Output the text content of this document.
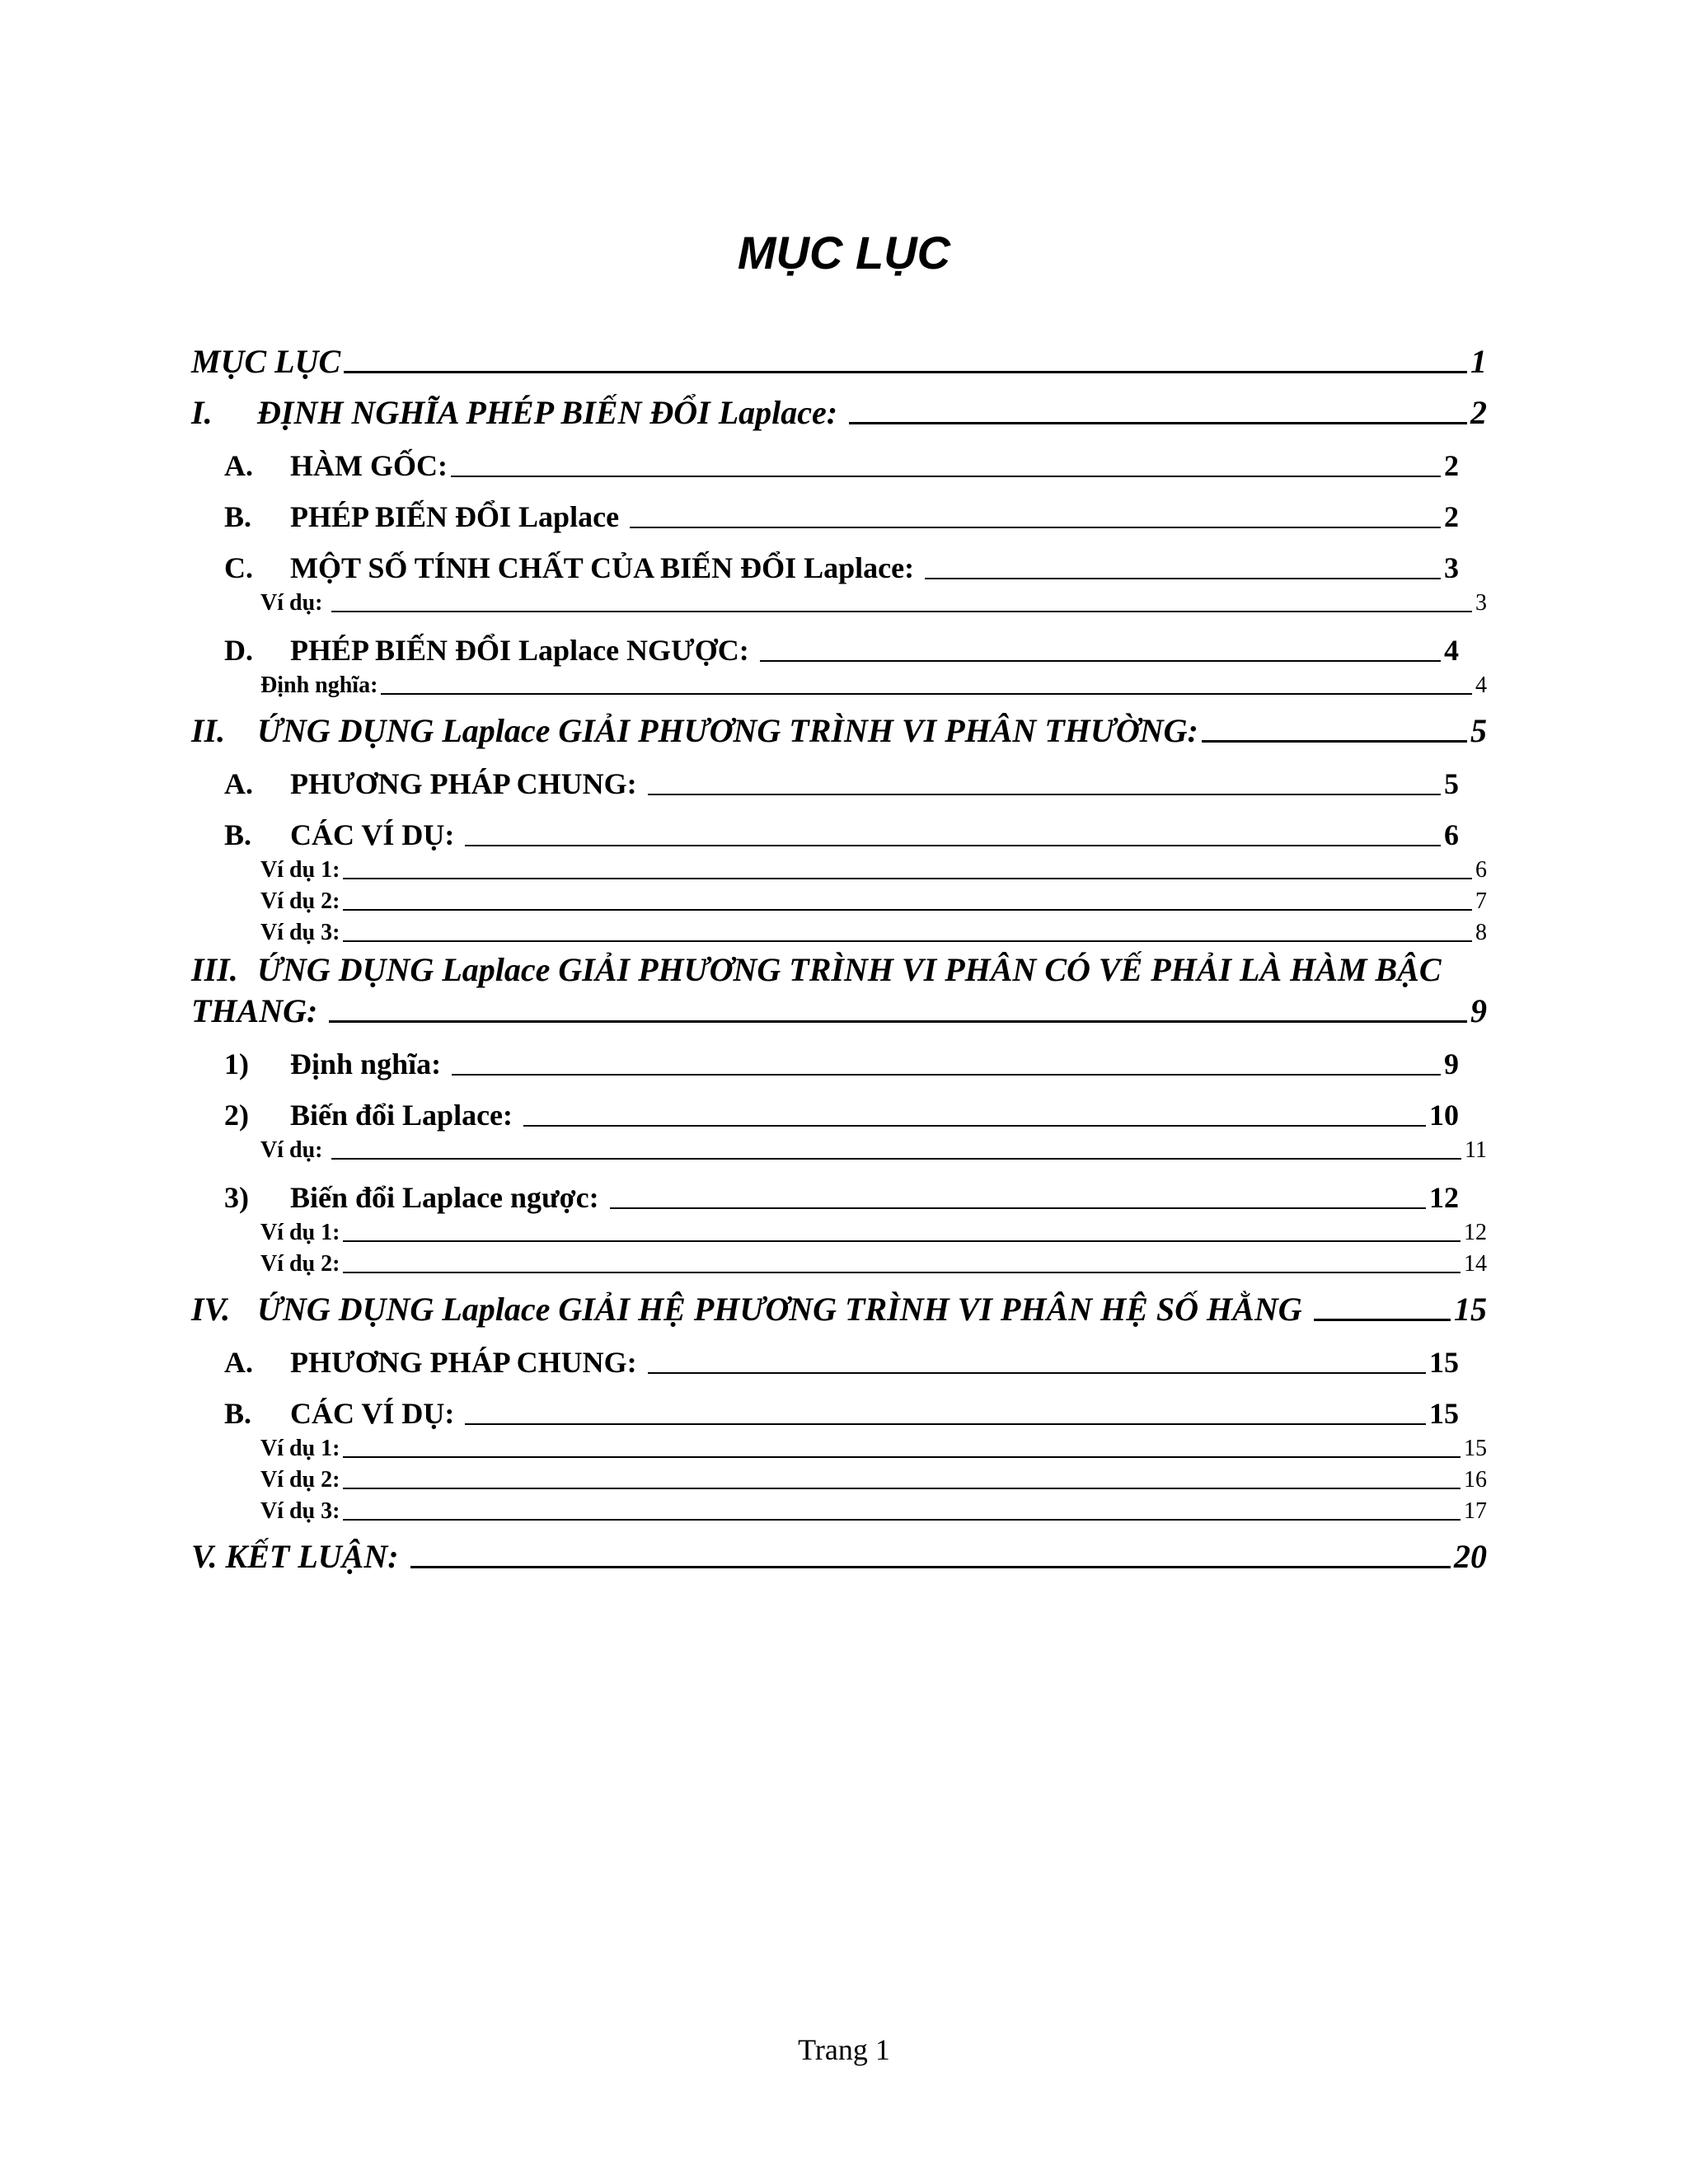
MỤC LỤC
MỤC LỤC	1
I.	ĐỊNH NGHĨA PHÉP BIẾN ĐỔI Laplace:	2
A.	HÀM GỐC:	2
B.	PHÉP BIẾN ĐỔI Laplace	2
C.	MỘT SỐ TÍNH CHẤT CỦA BIẾN ĐỔI Laplace:	3
Ví dụ:	3
D.	PHÉP BIẾN ĐỔI Laplace NGƯỢC:	4
Định nghĩa:	4
II. ỨNG DỤNG Laplace GIẢI PHƯƠNG TRÌNH VI PHÂN THƯỜNG:	5
A.	PHƯƠNG PHÁP CHUNG:	5
B.	CÁC VÍ DỤ:	6
Ví dụ 1:	6
Ví dụ 2:	7
Ví dụ 3:	8
III. ỨNG DỤNG Laplace GIẢI PHƯƠNG TRÌNH VI PHÂN CÓ VẾ PHẢI LÀ HÀM BẬC
THANG:	9
1)	Định nghĩa:	9
2)	Biến đổi Laplace:	10
Ví dụ:	11
3)	Biến đổi Laplace ngược:	12
Ví dụ 1:	12
Ví dụ 2:	14
IV. ỨNG DỤNG Laplace GIẢI HỆ PHƯƠNG TRÌNH VI PHÂN HỆ SỐ HẰNG	15
A.	PHƯƠNG PHÁP CHUNG:	15
B.	CÁC VÍ DỤ:	15
Ví dụ 1:	15
Ví dụ 2:	16
Ví dụ 3:	17
V. KẾT LUẬN:	20
Trang 1
